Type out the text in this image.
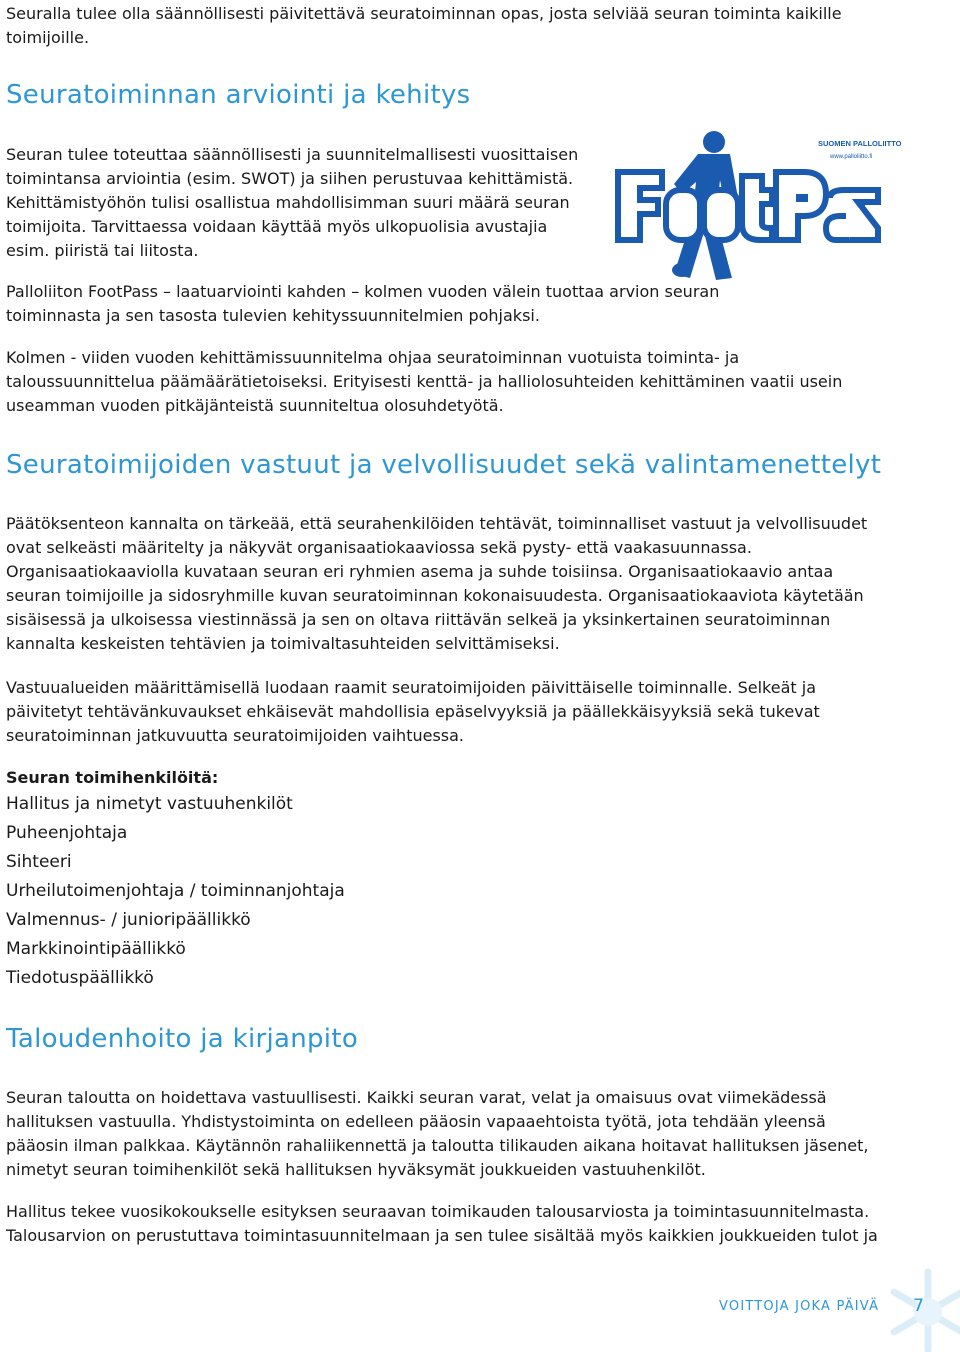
Seuralla tulee olla säännöllisesti päivitettävä seuratoiminnan opas, josta selviää seuran toiminta kaikille toimijoille.

Seuratoiminnan arviointi ja kehitys

Seuran tulee toteuttaa säännöllisesti ja suunnitelmallisesti vuosittaisen toimintansa arviointia (esim. SWOT) ja siihen perustuvaa kehittämistä. Kehittämistyöhön tulisi osallistua mahdollisimman suuri määrä seuran toimijoita. Tarvittaessa voidaan käyttää myös ulkopuolisia avustajia esim. piiristä tai liitosta.

SUOMEN PALLOLIITTO
www.palloliitto.fi

Palloliiton FootPass – laatuarviointi kahden – kolmen vuoden välein tuottaa arvion seuran toiminnasta ja sen tasosta tulevien kehityssuunnitelmien pohjaksi.

Kolmen - viiden vuoden kehittämissuunnitelma ohjaa seuratoiminnan vuotuista toiminta- ja taloussuunnittelua päämäärätietoiseksi. Erityisesti kenttä- ja halliolosuhteiden kehittäminen vaatii usein useamman vuoden pitkäjänteistä suunniteltua olosuhdetyötä.

Seuratoimijoiden vastuut ja velvollisuudet sekä valintamenettelyt

Päätöksenteon kannalta on tärkeää, että seurahenkilöiden tehtävät, toiminnalliset vastuut ja velvollisuudet ovat selkeästi määritelty ja näkyvät organisaatiokaaviossa sekä pysty- että vaakasuunnassa. Organisaatiokaaviolla kuvataan seuran eri ryhmien asema ja suhde toisiinsa. Organisaatiokaavio antaa seuran toimijoille ja sidosryhmille kuvan seuratoiminnan kokonaisuudesta. Organisaatiokaaviota käytetään sisäisessä ja ulkoisessa viestinnässä ja sen on oltava riittävän selkeä ja yksinkertainen seuratoiminnan kannalta keskeisten tehtävien ja toimivaltasuhteiden selvittämiseksi.

Vastuualueiden määrittämisellä luodaan raamit seuratoimijoiden päivittäiselle toiminnalle. Selkeät ja päivitetyt tehtävänkuvaukset ehkäisevät mahdollisia epäselvyyksiä ja päällekkäisyyksiä sekä tukevat seuratoiminnan jatkuvuutta seuratoimijoiden vaihtuessa.

Seuran toimihenkilöitä:

Hallitus ja nimetyt vastuuhenkilöt
Puheenjohtaja
Sihteeri
Urheilutoimenjohtaja / toiminnanjohtaja
Valmennus- / junioripäällikkö
Markkinointipäällikkö
Tiedotuspäällikkö
Taloudenhoito ja kirjanpito

Seuran taloutta on hoidettava vastuullisesti. Kaikki seuran varat, velat ja omaisuus ovat viimekädessä hallituksen vastuulla. Yhdistystoiminta on edelleen pääosin vapaaehtoista työtä, jota tehdään yleensä pääosin ilman palkkaa. Käytännön rahaliikennettä ja taloutta tilikauden aikana hoitavat hallituksen jäsenet, nimetyt seuran toimihenkilöt sekä hallituksen hyväksymät joukkueiden vastuuhenkilöt.

Hallitus tekee vuosikokoukselle esityksen seuraavan toimikauden talousarviosta ja toimintasuunnitelmasta. Talousarvion on perustuttava toimintasuunnitelmaan ja sen tulee sisältää myös kaikkien joukkueiden tulot ja

VOITTOJA JOKA PÄIVÄ 7
